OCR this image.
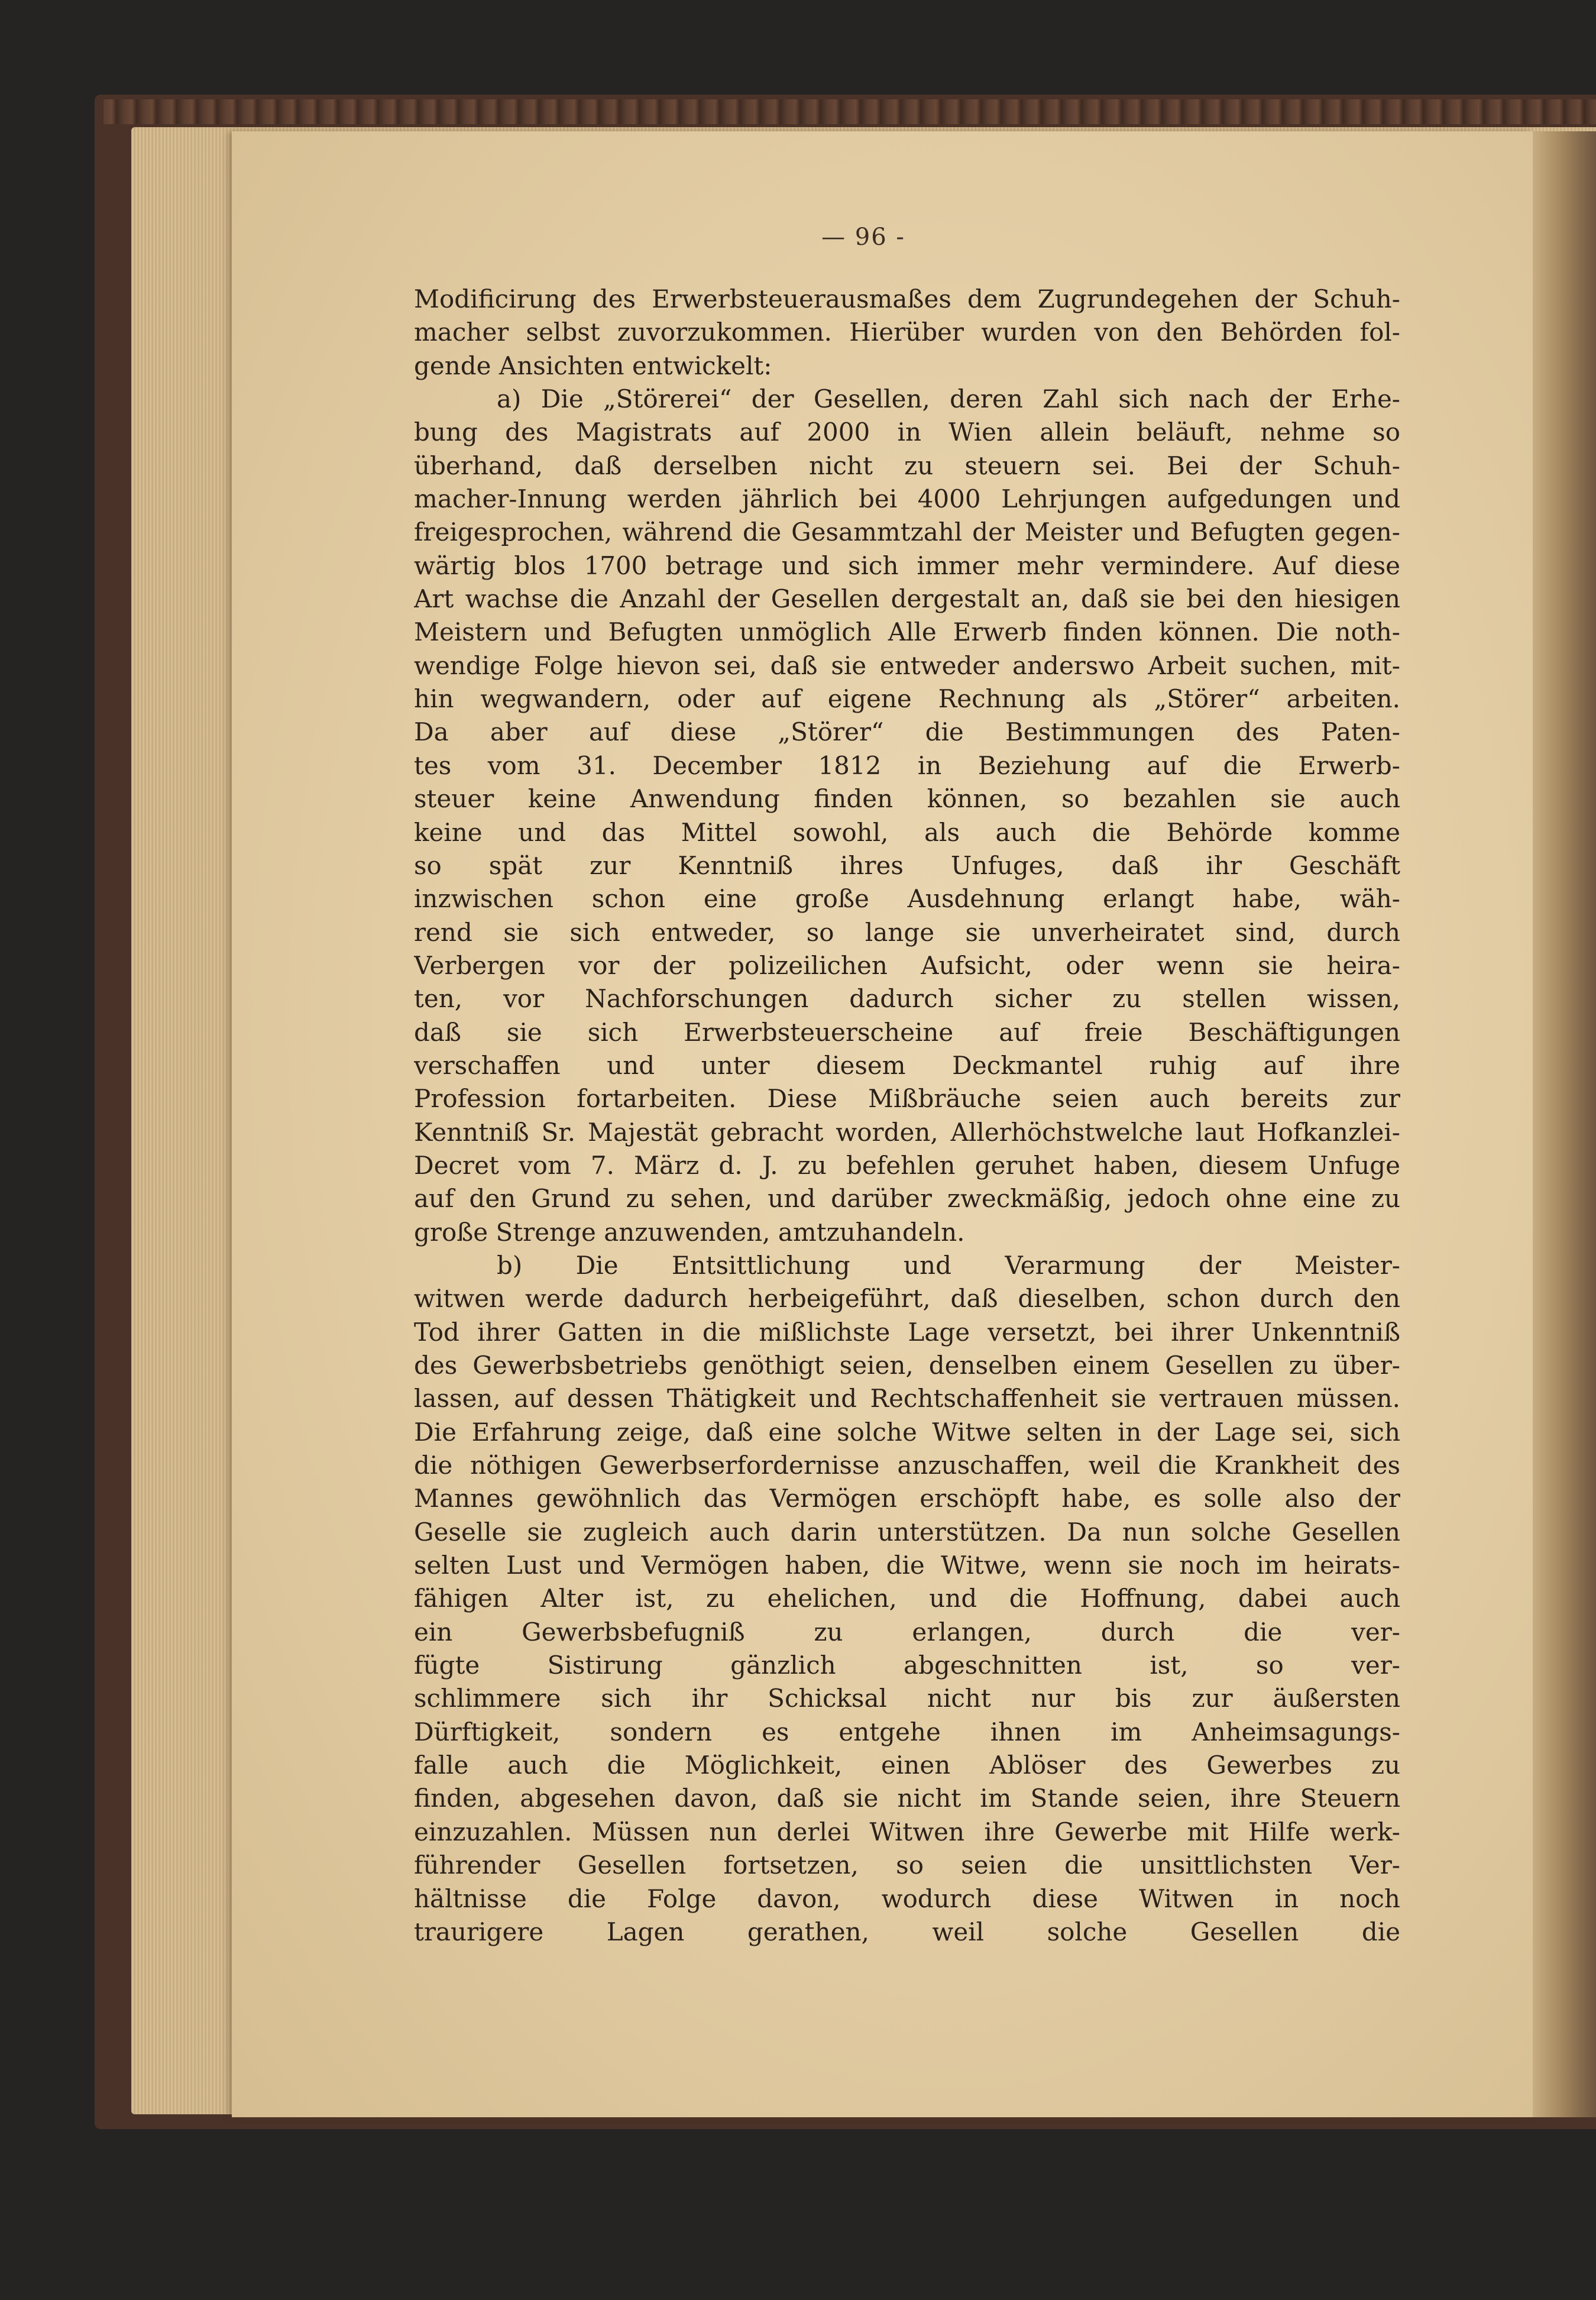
— 96 -
Modificirung des Erwerbsteuerausmaßes dem Zugrundegehen der Schuh-
macher selbst zuvorzukommen. Hierüber wurden von den Behörden fol-
gende Ansichten entwickelt:
a) Die „Störerei“ der Gesellen, deren Zahl sich nach der Erhe-
bung des Magistrats auf 2000 in Wien allein beläuft, nehme so
überhand, daß derselben nicht zu steuern sei. Bei der Schuh-
macher-Innung werden jährlich bei 4000 Lehrjungen aufgedungen und
freigesprochen, während die Gesammtzahl der Meister und Befugten gegen-
wärtig blos 1700 betrage und sich immer mehr vermindere. Auf diese
Art wachse die Anzahl der Gesellen dergestalt an, daß sie bei den hiesigen
Meistern und Befugten unmöglich Alle Erwerb finden können. Die noth-
wendige Folge hievon sei, daß sie entweder anderswo Arbeit suchen, mit-
hin wegwandern, oder auf eigene Rechnung als „Störer“ arbeiten.
Da aber auf diese „Störer“ die Bestimmungen des Paten-
tes vom 31. December 1812 in Beziehung auf die Erwerb-
steuer keine Anwendung finden können, so bezahlen sie auch
keine und das Mittel sowohl, als auch die Behörde komme
so spät zur Kenntniß ihres Unfuges, daß ihr Geschäft
inzwischen schon eine große Ausdehnung erlangt habe, wäh-
rend sie sich entweder, so lange sie unverheiratet sind, durch
Verbergen vor der polizeilichen Aufsicht, oder wenn sie heira-
ten, vor Nachforschungen dadurch sicher zu stellen wissen,
daß sie sich Erwerbsteuerscheine auf freie Beschäftigungen
verschaffen und unter diesem Deckmantel ruhig auf ihre
Profession fortarbeiten. Diese Mißbräuche seien auch bereits zur
Kenntniß Sr. Majestät gebracht worden, Allerhöchstwelche laut Hofkanzlei-
Decret vom 7. März d. J. zu befehlen geruhet haben, diesem Unfuge
auf den Grund zu sehen, und darüber zweckmäßig, jedoch ohne eine zu
große Strenge anzuwenden, amtzuhandeln.
b) Die Entsittlichung und Verarmung der Meister-
witwen werde dadurch herbeigeführt, daß dieselben, schon durch den
Tod ihrer Gatten in die mißlichste Lage versetzt, bei ihrer Unkenntniß
des Gewerbsbetriebs genöthigt seien, denselben einem Gesellen zu über-
lassen, auf dessen Thätigkeit und Rechtschaffenheit sie vertrauen müssen.
Die Erfahrung zeige, daß eine solche Witwe selten in der Lage sei, sich
die nöthigen Gewerbserfordernisse anzuschaffen, weil die Krankheit des
Mannes gewöhnlich das Vermögen erschöpft habe, es solle also der
Geselle sie zugleich auch darin unterstützen. Da nun solche Gesellen
selten Lust und Vermögen haben, die Witwe, wenn sie noch im heirats-
fähigen Alter ist, zu ehelichen, und die Hoffnung, dabei auch
ein Gewerbsbefugniß zu erlangen, durch die ver-
fügte Sistirung gänzlich abgeschnitten ist, so ver-
schlimmere sich ihr Schicksal nicht nur bis zur äußersten
Dürftigkeit, sondern es entgehe ihnen im Anheimsagungs-
falle auch die Möglichkeit, einen Ablöser des Gewerbes zu
finden, abgesehen davon, daß sie nicht im Stande seien, ihre Steuern
einzuzahlen. Müssen nun derlei Witwen ihre Gewerbe mit Hilfe werk-
führender Gesellen fortsetzen, so seien die unsittlichsten Ver-
hältnisse die Folge davon, wodurch diese Witwen in noch
traurigere Lagen gerathen, weil solche Gesellen die
